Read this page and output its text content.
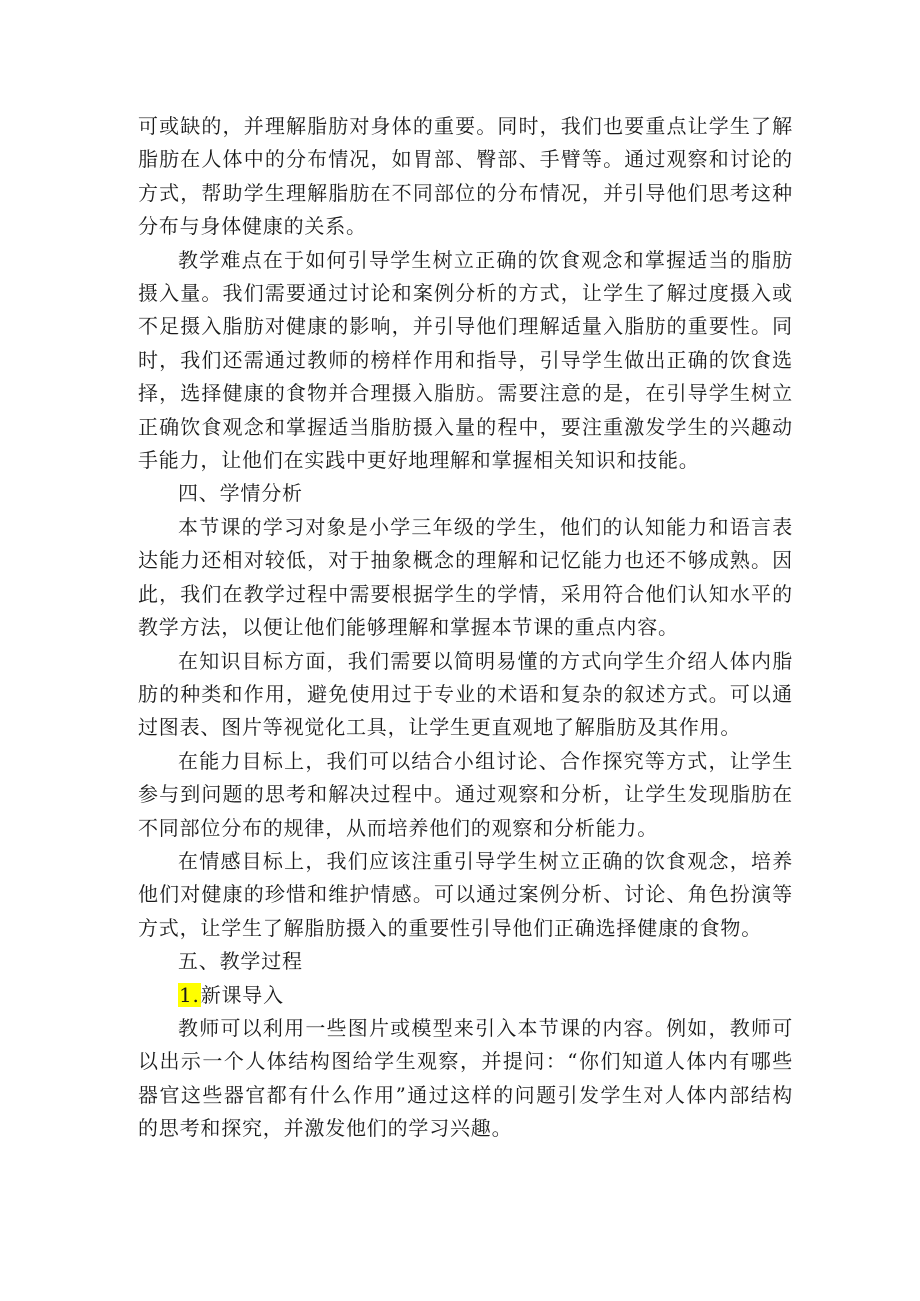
可或缺的，并理解脂肪对身体的重要。同时，我们也要重点让学生了解脂肪在人体中的分布情况，如胃部、臀部、手臂等。通过观察和讨论的方式，帮助学生理解脂肪在不同部位的分布情况，并引导他们思考这种分布与身体健康的关系。

教学难点在于如何引导学生树立正确的饮食观念和掌握适当的脂肪摄入量。我们需要通过讨论和案例分析的方式，让学生了解过度摄入或不足摄入脂肪对健康的影响，并引导他们理解适量入脂肪的重要性。同时，我们还需通过教师的榜样作用和指导，引导学生做出正确的饮食选择，选择健康的食物并合理摄入脂肪。需要注意的是，在引导学生树立正确饮食观念和掌握适当脂肪摄入量的程中，要注重激发学生的兴趣动手能力，让他们在实践中更好地理解和掌握相关知识和技能。

四、学情分析

本节课的学习对象是小学三年级的学生，他们的认知能力和语言表达能力还相对较低，对于抽象概念的理解和记忆能力也还不够成熟。因此，我们在教学过程中需要根据学生的学情，采用符合他们认知水平的教学方法，以便让他们能够理解和掌握本节课的重点内容。

在知识目标方面，我们需要以简明易懂的方式向学生介绍人体内脂肪的种类和作用，避免使用过于专业的术语和复杂的叙述方式。可以通过图表、图片等视觉化工具，让学生更直观地了解脂肪及其作用。

在能力目标上，我们可以结合小组讨论、合作探究等方式，让学生参与到问题的思考和解决过程中。通过观察和分析，让学生发现脂肪在不同部位分布的规律，从而培养他们的观察和分析能力。

在情感目标上，我们应该注重引导学生树立正确的饮食观念，培养他们对健康的珍惜和维护情感。可以通过案例分析、讨论、角色扮演等方式，让学生了解脂肪摄入的重要性引导他们正确选择健康的食物。

五、教学过程

1.新课导入

教师可以利用一些图片或模型来引入本节课的内容。例如，教师可以出示一个人体结构图给学生观察，并提问：“你们知道人体内有哪些器官这些器官都有什么作用”通过这样的问题引发学生对人体内部结构的思考和探究，并激发他们的学习兴趣。
